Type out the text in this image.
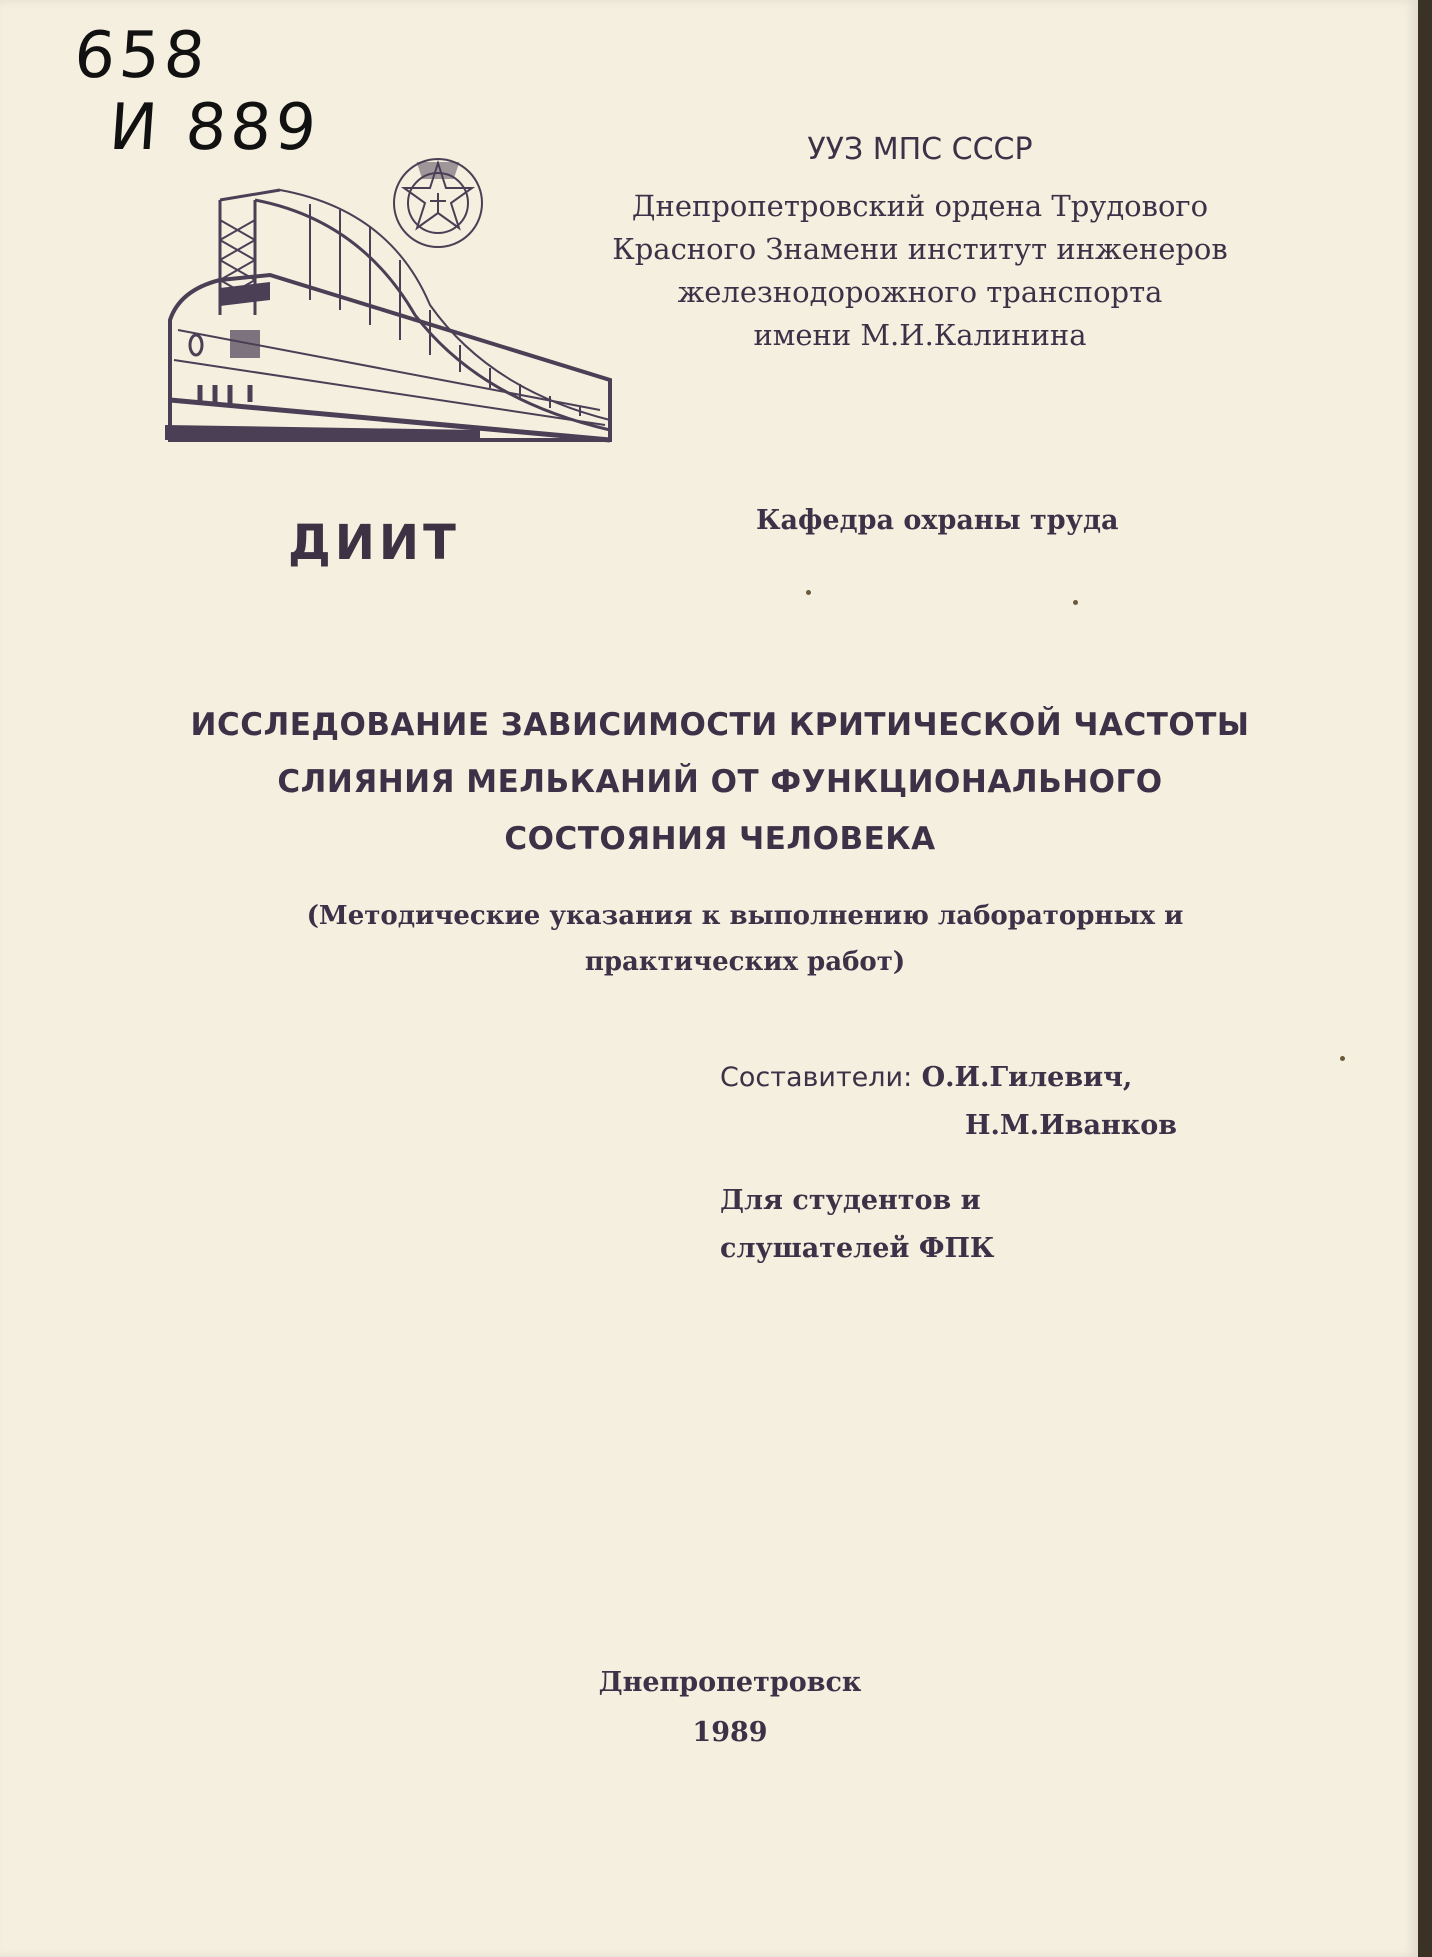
658
И 889
ДИИТ
УУЗ МПС СССР
Днепропетровский ордена Трудового
Красного Знамени институт инженеров
железнодорожного транспорта
имени М.И.Калинина
Кафедра охраны труда
ИССЛЕДОВАНИЕ ЗАВИСИМОСТИ КРИТИЧЕСКОЙ ЧАСТОТЫ
СЛИЯНИЯ МЕЛЬКАНИЙ ОТ ФУНКЦИОНАЛЬНОГО
СОСТОЯНИЯ ЧЕЛОВЕКА
(Методические указания к выполнению лабораторных и
практических работ)
Составители: О.И.Гилевич,
Н.М.Иванков
Для студентов и
слушателей ФПК
Днепропетровск
1989
